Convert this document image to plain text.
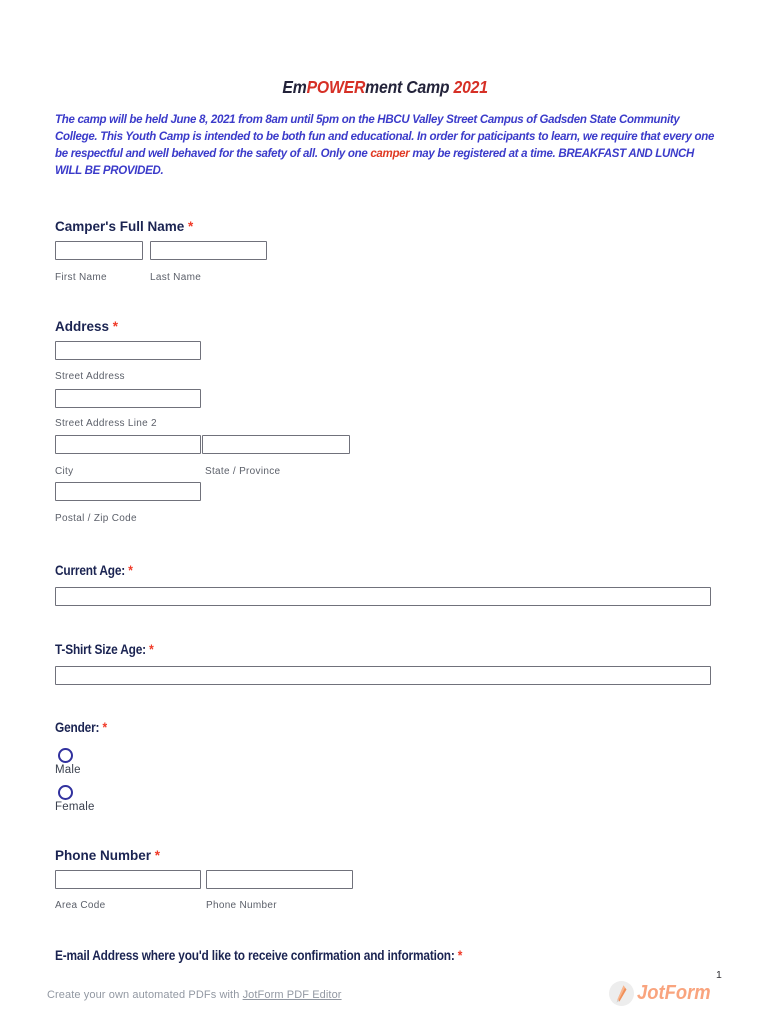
EmPOWERment Camp 2021

The camp will be held June 8, 2021 from 8am until 5pm on the HBCU Valley Street Campus of Gadsden State Community College. This Youth Camp is intended to be both fun and educational. In order for paticipants to learn, we require that every one be respectful and well behaved for the safety of all. Only one camper may be registered at a time. BREAKFAST AND LUNCH WILL BE PROVIDED.

Camper's Full Name *
First Name	Last Name
Address *
Street Address
Street Address Line 2
City	State / Province
Postal / Zip Code
Current Age: *
T-Shirt Size Age: *
Gender: *
Male
Female
Phone Number *
Area Code	Phone Number
E-mail Address where you'd like to receive confirmation and information: *
Create your own automated PDFs with JotForm PDF Editor	JotForm
1
